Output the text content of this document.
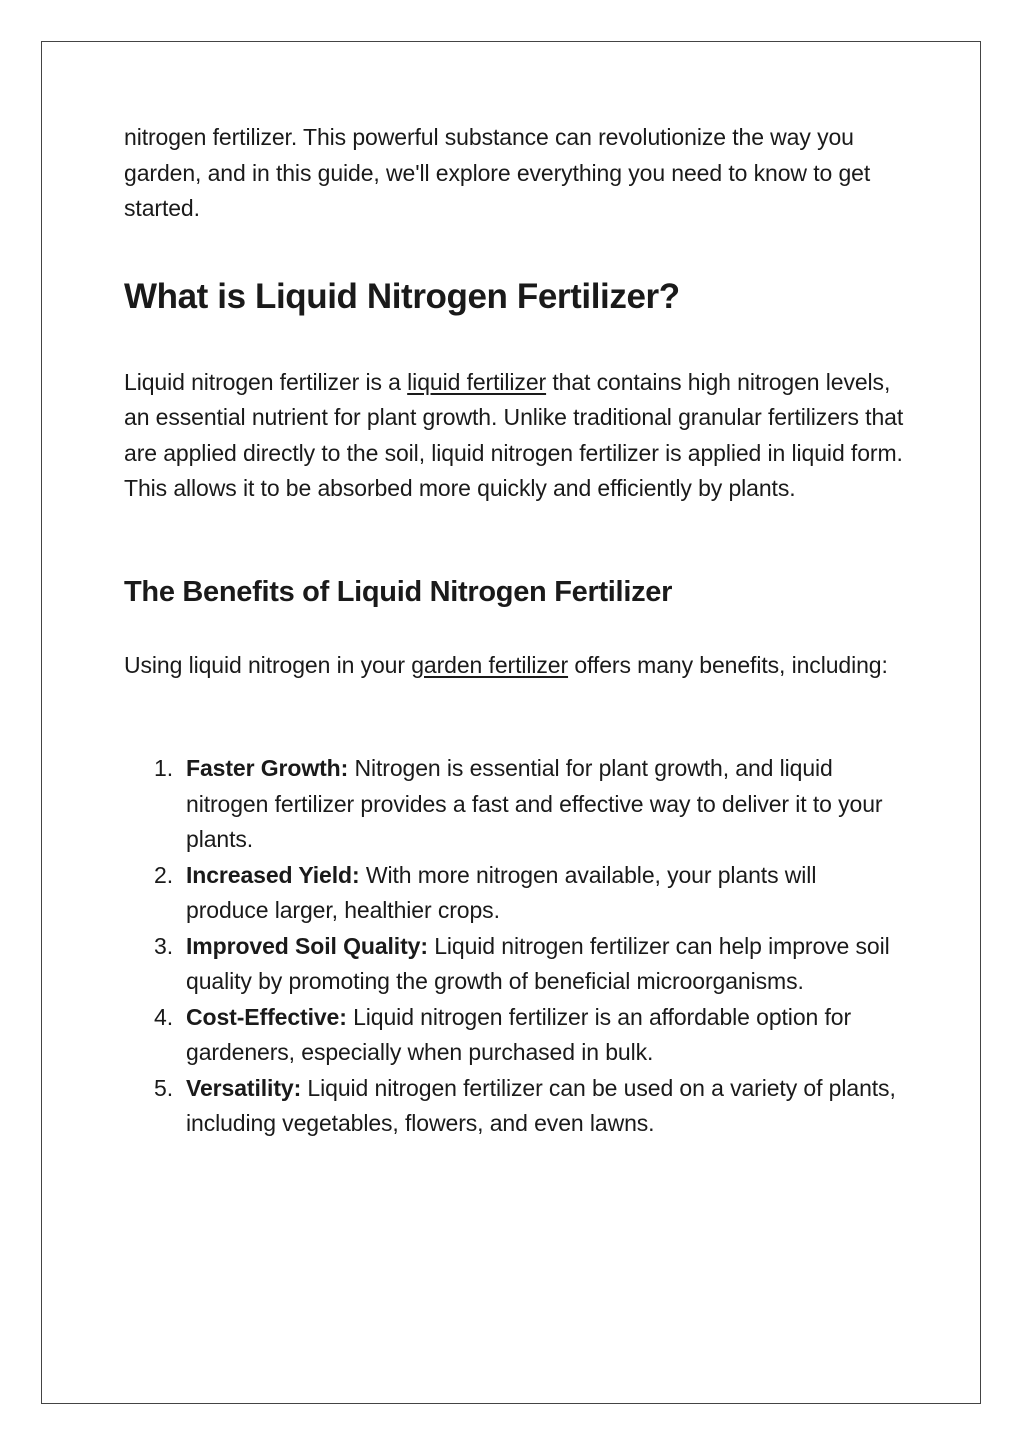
nitrogen fertilizer. This powerful substance can revolutionize the way you garden, and in this guide, we'll explore everything you need to know to get started.

What is Liquid Nitrogen Fertilizer?

Liquid nitrogen fertilizer is a liquid fertilizer that contains high nitrogen levels, an essential nutrient for plant growth. Unlike traditional granular fertilizers that are applied directly to the soil, liquid nitrogen fertilizer is applied in liquid form. This allows it to be absorbed more quickly and efficiently by plants.

The Benefits of Liquid Nitrogen Fertilizer

Using liquid nitrogen in your garden fertilizer offers many benefits, including:

1. Faster Growth: Nitrogen is essential for plant growth, and liquid nitrogen fertilizer provides a fast and effective way to deliver it to your plants.
2. Increased Yield: With more nitrogen available, your plants will produce larger, healthier crops.
3. Improved Soil Quality: Liquid nitrogen fertilizer can help improve soil quality by promoting the growth of beneficial microorganisms.
4. Cost-Effective: Liquid nitrogen fertilizer is an affordable option for gardeners, especially when purchased in bulk.
5. Versatility: Liquid nitrogen fertilizer can be used on a variety of plants, including vegetables, flowers, and even lawns.
